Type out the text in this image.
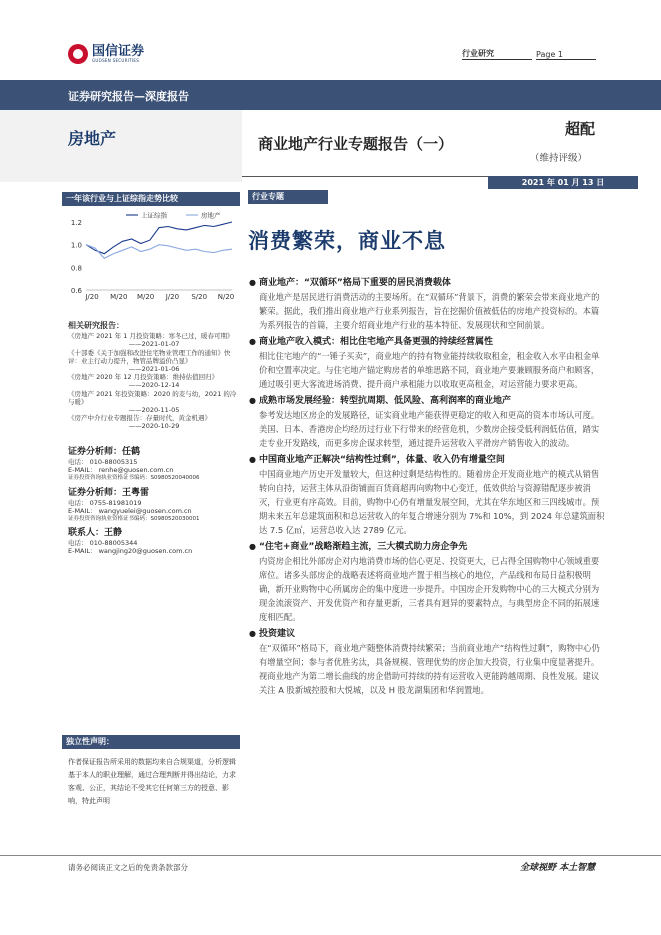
国信证券
GUOSEN SECURITIES
行业研究	Page 1
证券研究报告—深度报告
房地产	商业地产行业专题报告（一）
超配
（维持评级）
2021 年 01 月 13 日
一年该行业与上证综指走势比较
0.6
0.8
1.0
1.2
J/20 M/20 M/20 J/20 S/20 N/20
上证综指	房地产
相关研究报告：
《房地产 2021 年 1 月投资策略：寒冬已过，暖春可期》
——2021-01-07
《十部委《关于加强和改进住宅物业管理工作的通知》快评：业主行动力提升，物管品牌溢价凸显》
——2021-01-06
《房地产 2020 年 12 月投资策略：维持估值回归》
——2020-12-14
《房地产 2021 年投资策略：2020 的麦与幼，2021 的冷与暖》
——2020-11-05
《房产中介行业专题报告：存量时代，黄金机遇》
——2020-10-29
证券分析师：任鹤
电话： 010-88005315
E-MAIL： renhe@guosen.com.cn
证券投资咨询执业资格证书编码：S0980520040006
证券分析师：王粤雷
电话： 0755-81981019
E-MAIL： wangyuelei@guosen.com.cn
证券投资咨询执业资格证书编码：S0980520030001
联系人：王静
电话： 010-88005344
E-MAIL： wangjing20@guosen.com.cn
独立性声明：
作者保证报告所采用的数据均来自合规渠道，分析逻辑基于本人的职业理解，通过合理判断并得出结论，力求客观、公正，其结论不受其它任何第三方的授意、影响，特此声明
行业专题
消费繁荣，商业不息
● 商业地产：“双循环”格局下重要的居民消费载体
商业地产是居民进行消费活动的主要场所。在“双循环”背景下，消费的繁荣会带来商业地产的繁荣。据此，我们推出商业地产行业系列报告，旨在挖掘价值被低估的房地产投资标的。本篇为系列报告的首篇，主要介绍商业地产行业的基本特征、发展现状和空间前景。
● 商业地产收入模式：相比住宅地产具备更强的持续经营属性
相比住宅地产的“一锤子买卖”，商业地产的持有物业能持续收取租金，租金收入水平由租金单价和空置率决定。与住宅地产锚定购房者的单维思路不同，商业地产要兼顾服务商户和顾客，通过吸引更大客流进场消费、提升商户承租能力以收取更高租金，对运营能力要求更高。
● 成熟市场发展经验：转型抗周期、低风险、高利润率的商业地产
参考发达地区房企的发展路径，证实商业地产能获得更稳定的收入和更高的资本市场认可度。美国、日本、香港房企均经历过行业下行带来的经营危机，少数房企接受低利润低估值，踏实走专业开发路线，而更多房企谋求转型，通过提升运营收入平滑房产销售收入的波动。
● 中国商业地产正解决“结构性过剩”，体量、收入仍有增量空间
中国商业地产历史开发量较大，但这种过剩是结构性的。随着房企开发商业地产的模式从销售转向自持，运营主体从沿街铺面百货商超再向购物中心变迁，低效供给与资源错配逐步被消灭，行业更有序高效。目前，购物中心仍有增量发展空间，尤其在华东地区和三四线城市。预期未来五年总建筑面积和总运营收入的年复合增速分别为 7%和 10%，到 2024 年总建筑面积达 7.5 亿㎡，运营总收入达 2789 亿元。
● “住宅+商业”战略渐趋主流，三大模式助力房企争先
内资房企相比外部房企对内地消费市场的信心更足、投资更大，已占得全国购物中心领域重要席位。诸多头部房企的战略表述将商业地产置于相当核心的地位，产品线和布局日益积极明确，新开业购物中心所属房企的集中度进一步提升。中国房企开发购物中心的三大模式分别为现金流滚资产、开发优资产和存量更新，三者具有迥异的要素特点，与典型房企不同的拓展速度相匹配。
● 投资建议
在“双循环”格局下，商业地产随整体消费持续繁荣；当前商业地产“结构性过剩”，购物中心仍有增量空间；参与者优胜劣汰，具备规模、管理优势的房企加大投资，行业集中度显著提升。视商业地产为第二增长曲线的房企借助可持续的持有运营收入更能跨越周期、良性发展。建议关注 A 股新城控股和大悦城，以及 H 股龙湖集团和华润置地。
请务必阅读正文之后的免责条款部分	全球视野 本土智慧
